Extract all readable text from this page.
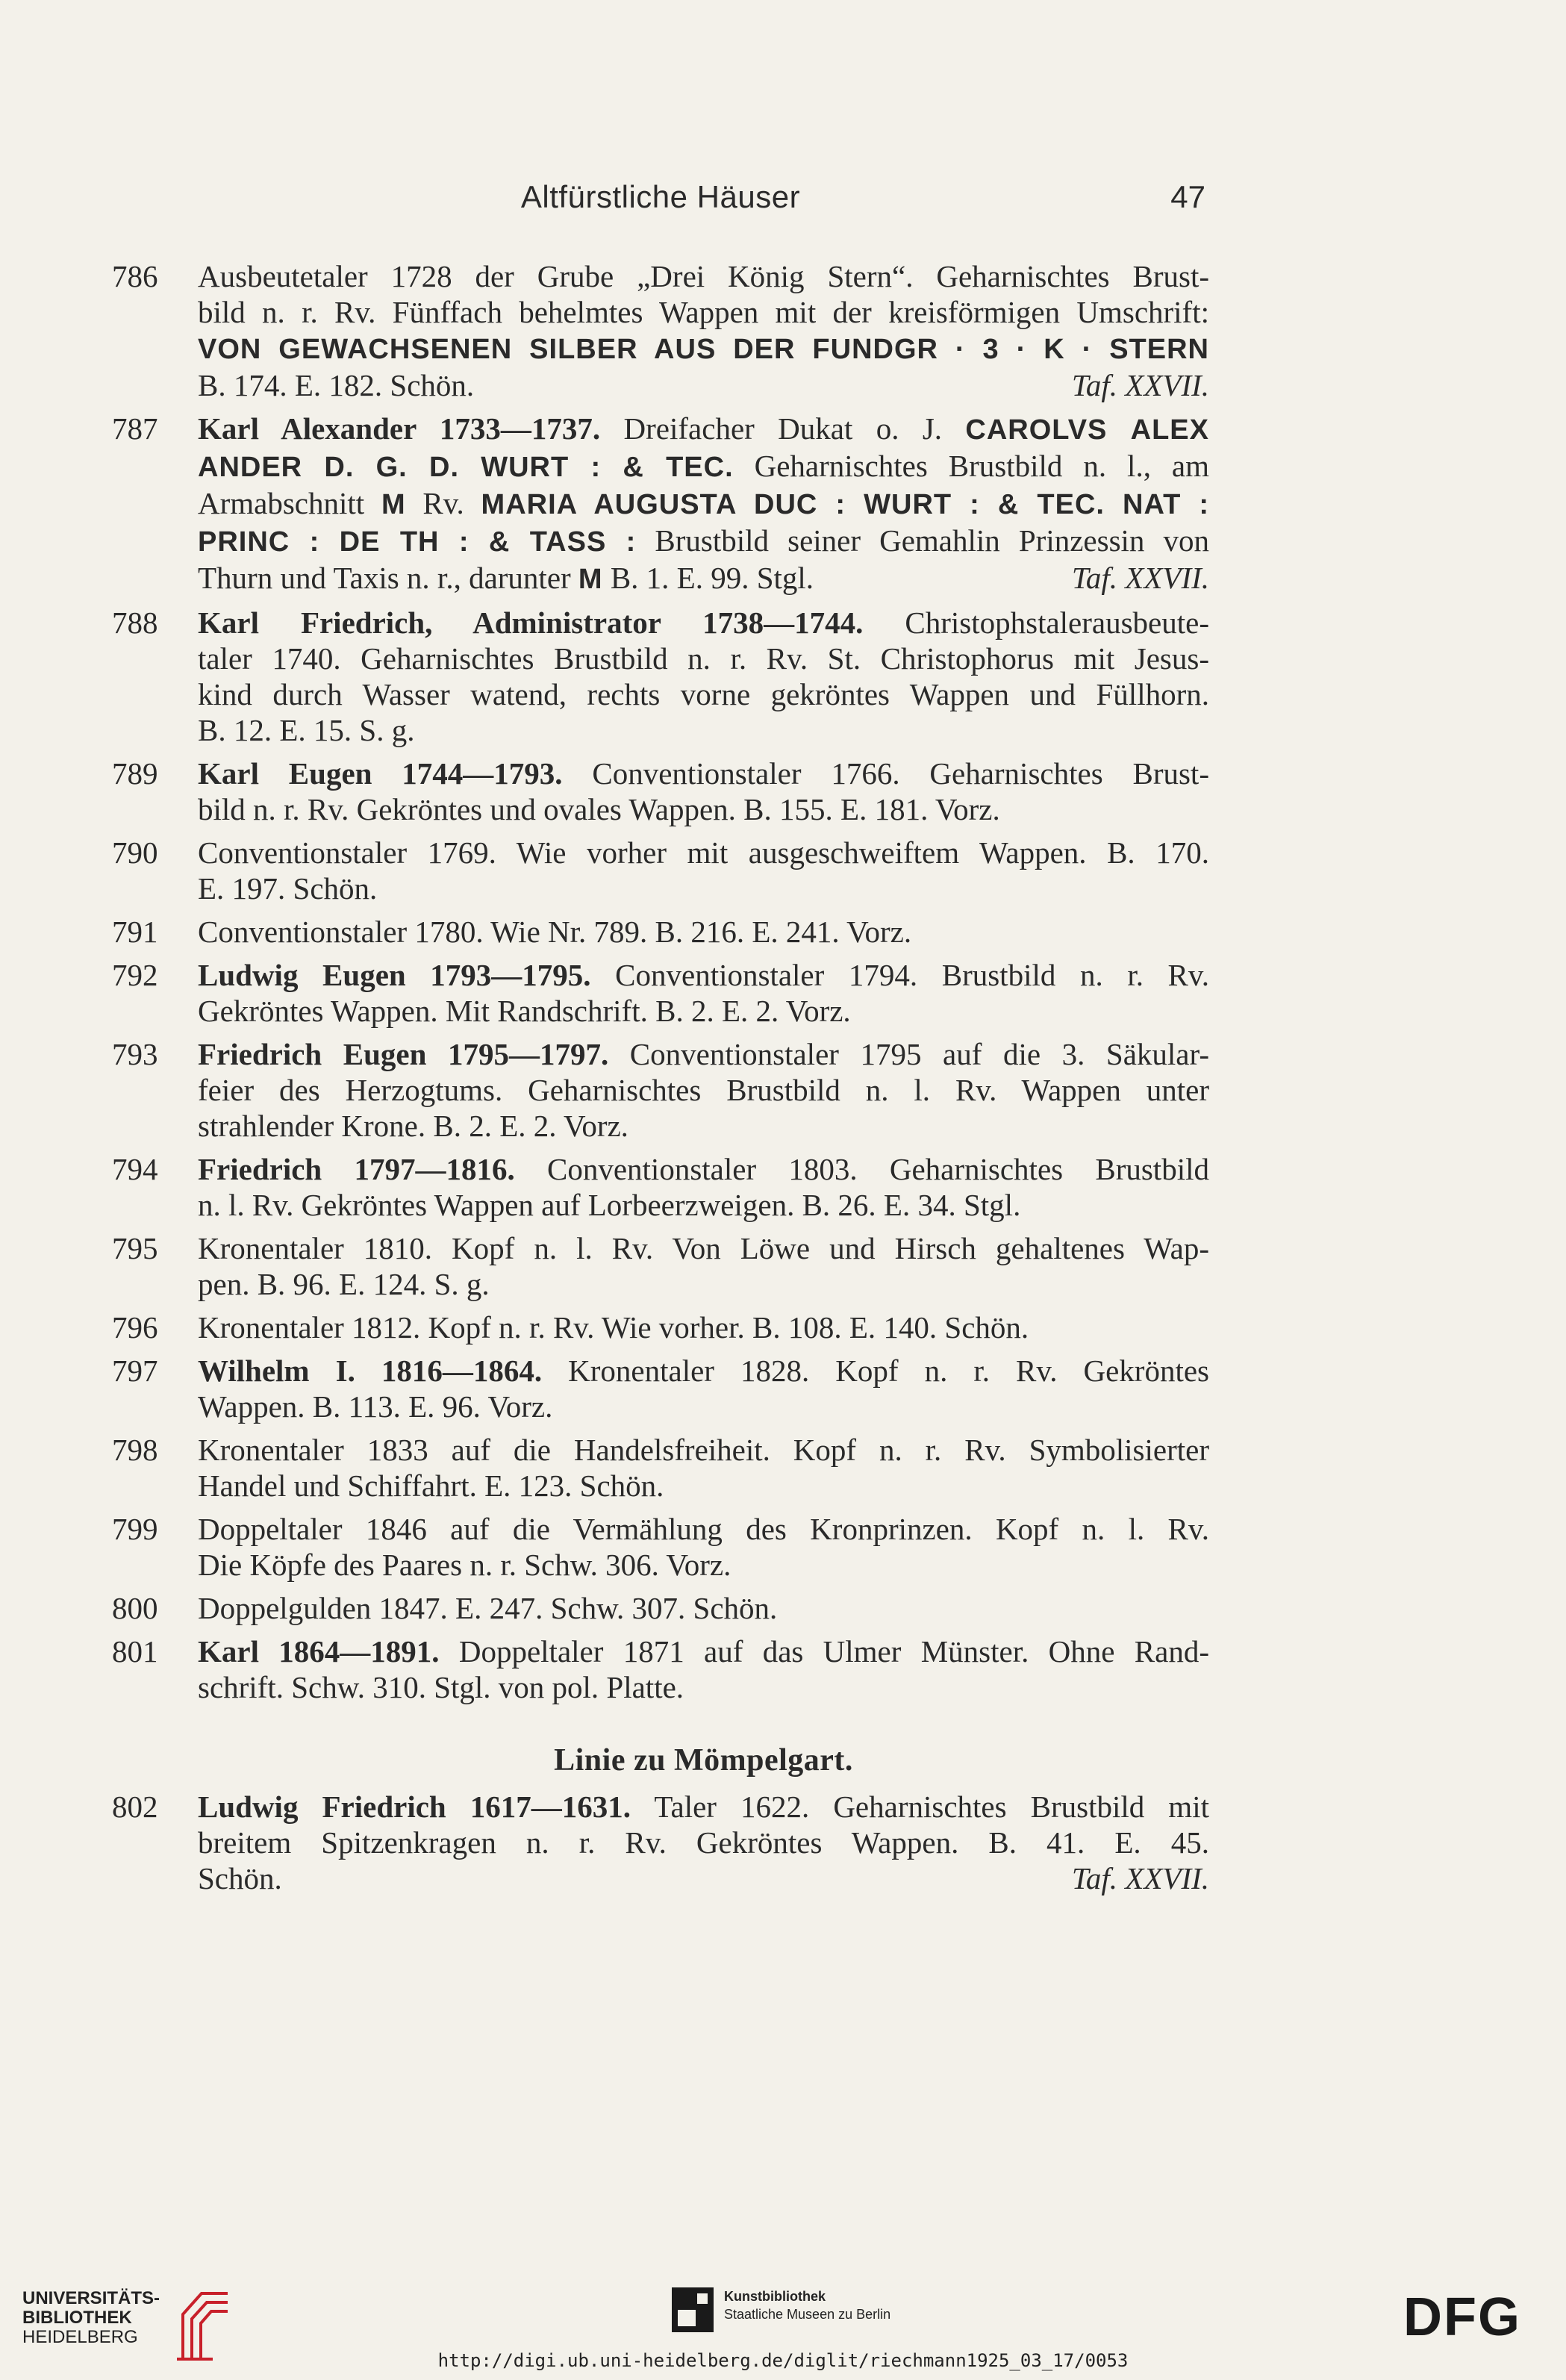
Altfürstliche Häuser	47
786 Ausbeutetaler 1728 der Grube „Drei König Stern“. Geharnischtes Brust-
bild n. r. Rv. Fünffach behelmtes Wappen mit der kreisförmigen Umschrift:
VON GEWACHSENEN SILBER AUS DER FUNDGR · 3 · K · STERN
B. 174. E. 182. Schön.	Taf. XXVII.
787 Karl Alexander 1733—1737. Dreifacher Dukat o. J. CAROLVS ALEX
ANDER D. G. D. WURT : & TEC. Geharnischtes Brustbild n. l., am
Armabschnitt M Rv. MARIA AUGUSTA DUC : WURT : & TEC. NAT :
PRINC : DE TH : & TASS : Brustbild seiner Gemahlin Prinzessin von
Thurn und Taxis n. r., darunter M B. 1. E. 99. Stgl.	Taf. XXVII.
788 Karl Friedrich, Administrator 1738—1744. Christophstalerausbeute-
taler 1740. Geharnischtes Brustbild n. r. Rv. St. Christophorus mit Jesus-
kind durch Wasser watend, rechts vorne gekröntes Wappen und Füllhorn.
B. 12. E. 15. S. g.
789 Karl Eugen 1744—1793. Conventionstaler 1766. Geharnischtes Brust-
bild n. r. Rv. Gekröntes und ovales Wappen. B. 155. E. 181. Vorz.
790 Conventionstaler 1769. Wie vorher mit ausgeschweiftem Wappen. B. 170.
E. 197. Schön.
791 Conventionstaler 1780. Wie Nr. 789. B. 216. E. 241. Vorz.
792 Ludwig Eugen 1793—1795. Conventionstaler 1794. Brustbild n. r. Rv.
Gekröntes Wappen. Mit Randschrift. B. 2. E. 2. Vorz.
793 Friedrich Eugen 1795—1797. Conventionstaler 1795 auf die 3. Säkular-
feier des Herzogtums. Geharnischtes Brustbild n. l. Rv. Wappen unter
strahlender Krone. B. 2. E. 2. Vorz.
794 Friedrich 1797—1816. Conventionstaler 1803. Geharnischtes Brustbild
n. l. Rv. Gekröntes Wappen auf Lorbeerzweigen. B. 26. E. 34. Stgl.
795 Kronentaler 1810. Kopf n. l. Rv. Von Löwe und Hirsch gehaltenes Wap-
pen. B. 96. E. 124. S. g.
796 Kronentaler 1812. Kopf n. r. Rv. Wie vorher. B. 108. E. 140. Schön.
797 Wilhelm I. 1816—1864. Kronentaler 1828. Kopf n. r. Rv. Gekröntes
Wappen. B. 113. E. 96. Vorz.
798 Kronentaler 1833 auf die Handelsfreiheit. Kopf n. r. Rv. Symbolisierter
Handel und Schiffahrt. E. 123. Schön.
799 Doppeltaler 1846 auf die Vermählung des Kronprinzen. Kopf n. l. Rv.
Die Köpfe des Paares n. r. Schw. 306. Vorz.
800 Doppelgulden 1847. E. 247. Schw. 307. Schön.
801 Karl 1864—1891. Doppeltaler 1871 auf das Ulmer Münster. Ohne Rand-
schrift. Schw. 310. Stgl. von pol. Platte.
Linie zu Mömpelgart.
802 Ludwig Friedrich 1617—1631. Taler 1622. Geharnischtes Brustbild mit
breitem Spitzenkragen n. r. Rv. Gekröntes Wappen. B. 41. E. 45.
Schön.	Taf. XXVII.
UNIVERSITÄTS-
BIBLIOTHEK
HEIDELBERG
Kunstbibliothek
Staatliche Museen zu Berlin	DFG
http://digi.ub.uni-heidelberg.de/diglit/riechmann1925_03_17/0053
